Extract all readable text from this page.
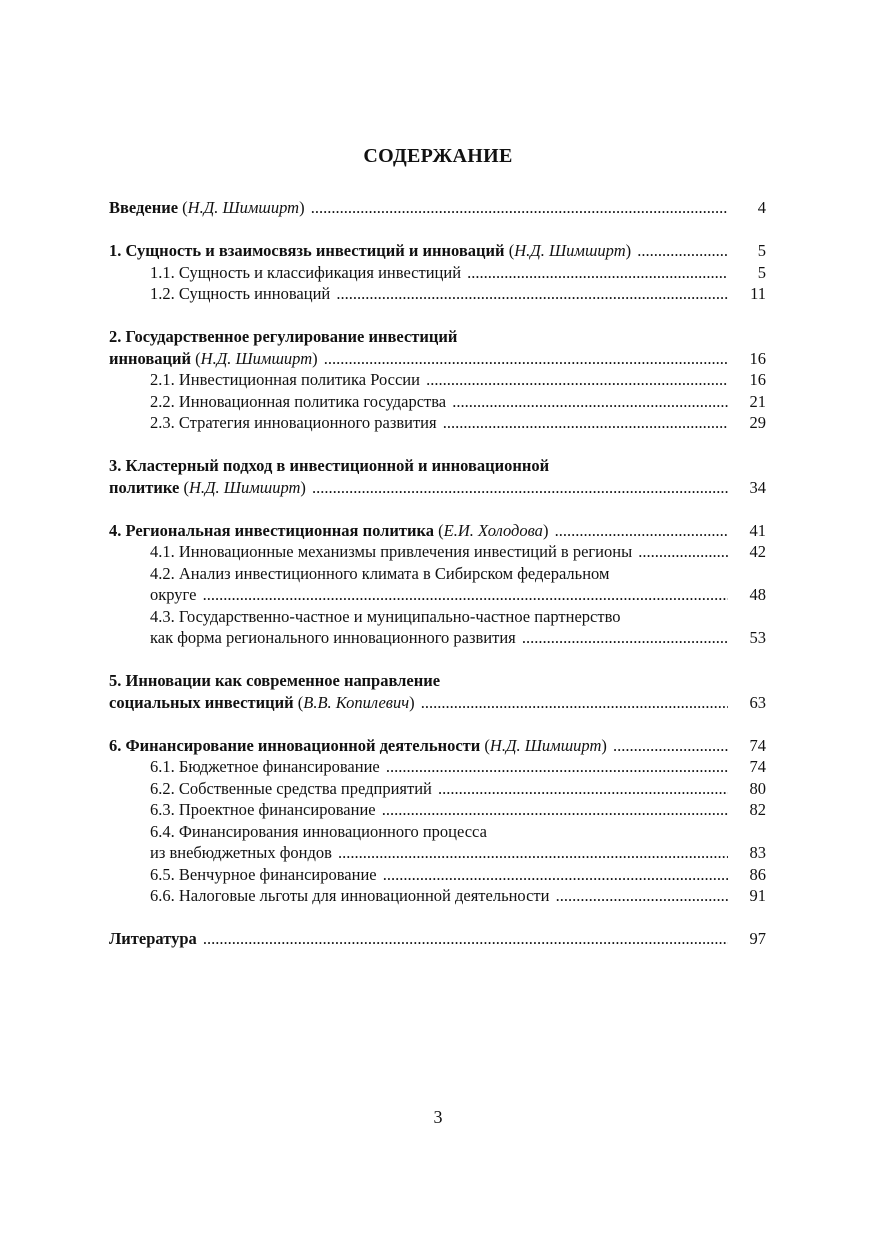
СОДЕРЖАНИЕ
Введение (Н.Д. Шимширт) .....	4
1. Сущность и взаимосвязь инвестиций и инноваций (Н.Д. Шимширт) .....	5
1.1. Сущность и классификация инвестиций .....	5
1.2. Сущность инноваций .....	11
2. Государственное регулирование инвестиций
инноваций (Н.Д. Шимширт) .....	16
2.1. Инвестиционная политика России .....	16
2.2. Инновационная политика государства .....	21
2.3. Стратегия инновационного развития .....	29
3. Кластерный подход в инвестиционной и инновационной
политике (Н.Д. Шимширт) .....	34
4. Региональная инвестиционная политика (Е.И. Холодова) .....	41
4.1. Инновационные механизмы привлечения инвестиций в регионы .....	42
4.2. Анализ инвестиционного климата в Сибирском федеральном
округе .....	48
4.3. Государственно-частное и муниципально-частное партнерство
как форма регионального инновационного развития .....	53
5. Инновации как современное направление
социальных инвестиций (В.В. Копилевич) .....	63
6. Финансирование инновационной деятельности (Н.Д. Шимширт) .....	74
6.1. Бюджетное финансирование .....	74
6.2. Собственные средства предприятий .....	80
6.3. Проектное финансирование .....	82
6.4. Финансирования инновационного процесса
из внебюджетных фондов .....	83
6.5. Венчурное финансирование .....	86
6.6. Налоговые льготы для инновационной деятельности .....	91
Литература .....	97
3
